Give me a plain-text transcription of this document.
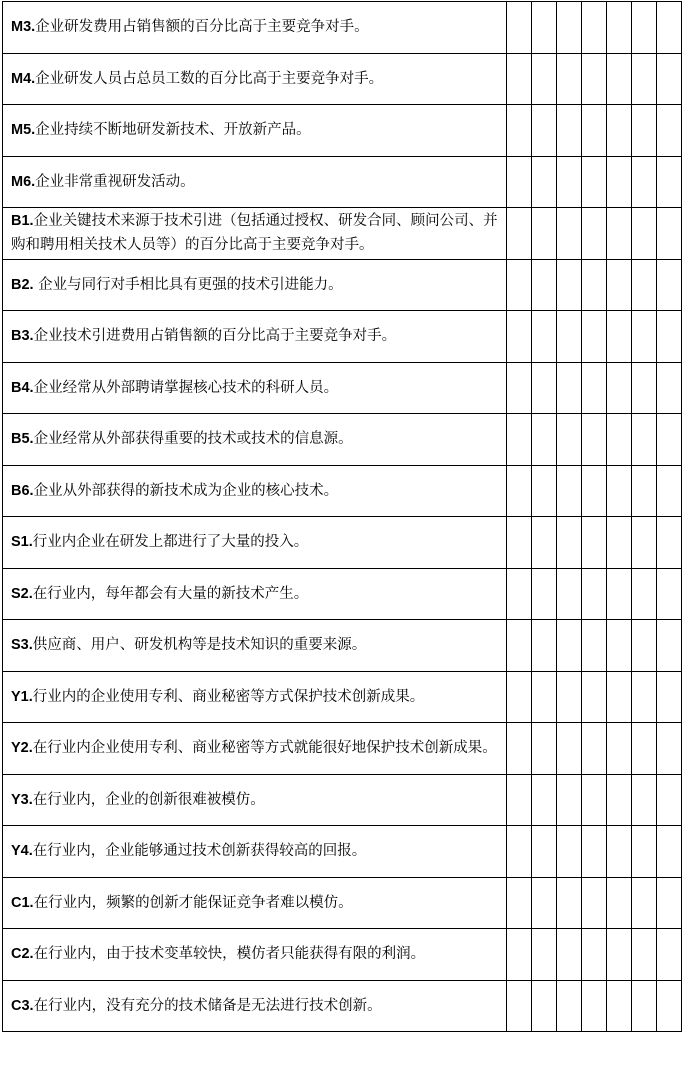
M3.企业研发费用占销售额的百分比高于主要竞争对手。							
M4.企业研发人员占总员工数的百分比高于主要竞争对手。							
M5.企业持续不断地研发新技术、开放新产品。							
M6.企业非常重视研发活动。							
B1.企业关键技术来源于技术引进（包括通过授权、研发合同、顾问公司、并购和聘用相关技术人员等）的百分比高于主要竞争对手。							
B2. 企业与同行对手相比具有更强的技术引进能力。							
B3.企业技术引进费用占销售额的百分比高于主要竞争对手。							
B4.企业经常从外部聘请掌握核心技术的科研人员。							
B5.企业经常从外部获得重要的技术或技术的信息源。							
B6.企业从外部获得的新技术成为企业的核心技术。							
S1.行业内企业在研发上都进行了大量的投入。							
S2.在行业内，每年都会有大量的新技术产生。							
S3.供应商、用户、研发机构等是技术知识的重要来源。							
Y1.行业内的企业使用专利、商业秘密等方式保护技术创新成果。							
Y2.在行业内企业使用专利、商业秘密等方式就能很好地保护技术创新成果。							
Y3.在行业内，企业的创新很难被模仿。							
Y4.在行业内，企业能够通过技术创新获得较高的回报。							
C1.在行业内，频繁的创新才能保证竞争者难以模仿。							
C2.在行业内，由于技术变革较快，模仿者只能获得有限的利润。							
C3.在行业内，没有充分的技术储备是无法进行技术创新。							
